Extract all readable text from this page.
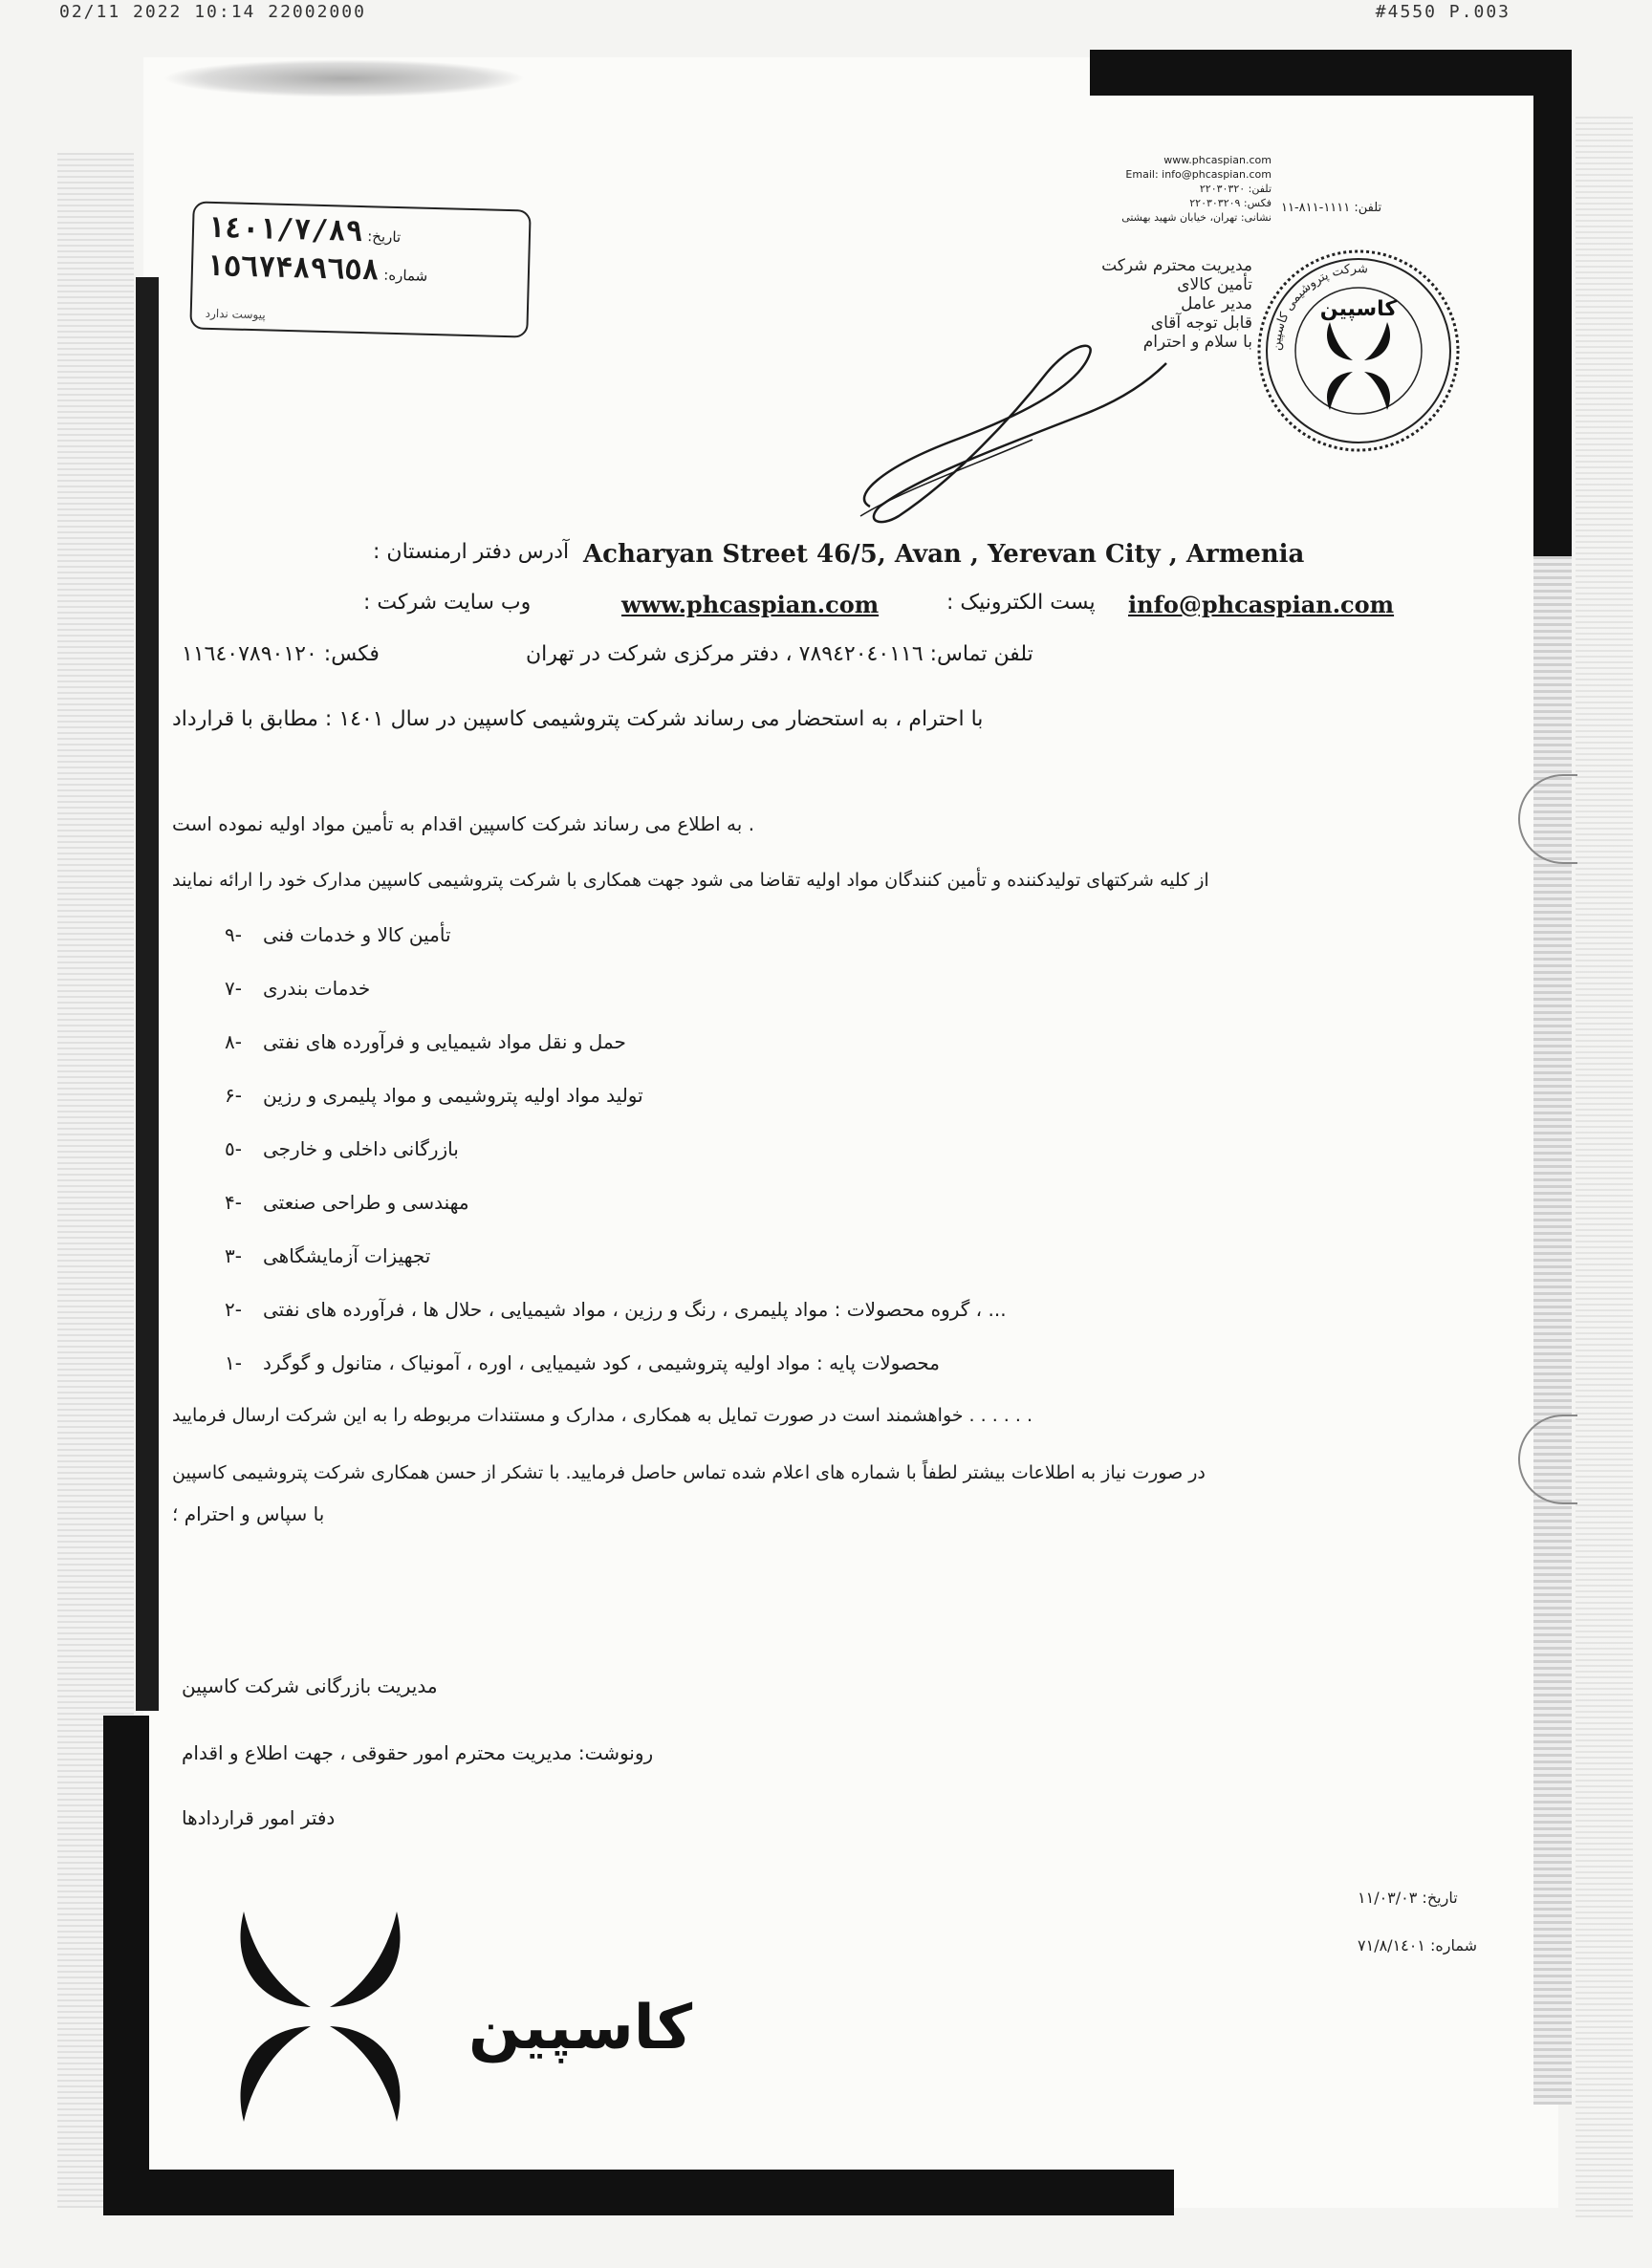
02/11 2022 10:14 22002000	#4550 P.003
تاریخ: ١٤٠١/٧/٨٩
شماره: ١٥٦٧۴٨٩٦٥٨
پیوست ندارد
www.phcaspian.com
Email: info@phcaspian.com
تلفن: ٢٢٠٣٠٣٢٠
فکس: ٢٢٠٣٠٣٢٠٩
نشانی: تهران، خیابان شهید بهشتی
تلفن: ١١١١-٨١١-١١
مدیریت محترم شرکت
تأمین کالای
مدیر عامل
قابل توجه آقای
با سلام و احترام شرکت پتروشیمی کاسپین
کاسپین
: آدرس دفتر ارمنستان Acharyan Street 46/5, Avan , Yerevan City , Armenia
: وب سایت شرکت	www.phcaspian.com	: پست الکترونیک info@phcaspian.com
فکس: ١١٦٤٠٧٨٩٠١٢٠	تلفن تماس: ٧٨٩٤٢٠٤٠١١٦ ، دفتر مرکزی شرکت در تهران
با احترام ، به استحضار می رساند شرکت پتروشیمی کاسپین در سال ١٤٠١ : مطابق با قرارداد
به اطلاع می رساند شرکت کاسپین اقدام به تأمین مواد اولیه نموده است .
از کلیه شرکتهای تولیدکننده و تأمین کنندگان مواد اولیه تقاضا می شود جهت همکاری با شرکت پتروشیمی کاسپین مدارک خود را ارائه نمایند
٩- تأمین کالا و خدمات فنی
٧- خدمات بندری
٨- حمل و نقل مواد شیمیایی و فرآورده های نفتی
۶- تولید مواد اولیه پتروشیمی و مواد پلیمری و رزین
٥- بازرگانی داخلی و خارجی
۴- مهندسی و طراحی صنعتی
٣- تجهیزات آزمایشگاهی
٢- گروه محصولات : مواد پلیمری ، رنگ و رزین ، مواد شیمیایی ، حلال ها ، فرآورده های نفتی ، ...
١- محصولات پایه : مواد اولیه پتروشیمی ، کود شیمیایی ، اوره ، آمونیاک ، متانول و گوگرد
خواهشمند است در صورت تمایل به همکاری ، مدارک و مستندات مربوطه را به این شرکت ارسال فرمایید . . . . . .
در صورت نیاز به اطلاعات بیشتر لطفاً با شماره های اعلام شده تماس حاصل فرمایید. با تشکر از حسن همکاری شرکت پتروشیمی کاسپین
با سپاس و احترام ؛
مدیریت بازرگانی شرکت کاسپین
رونوشت: مدیریت محترم امور حقوقی ، جهت اطلاع و اقدام
دفتر امور قراردادها
تاریخ: ١١/٠٣/٠٣
شماره: ٧١/٨/١٤٠١
کاسپین
